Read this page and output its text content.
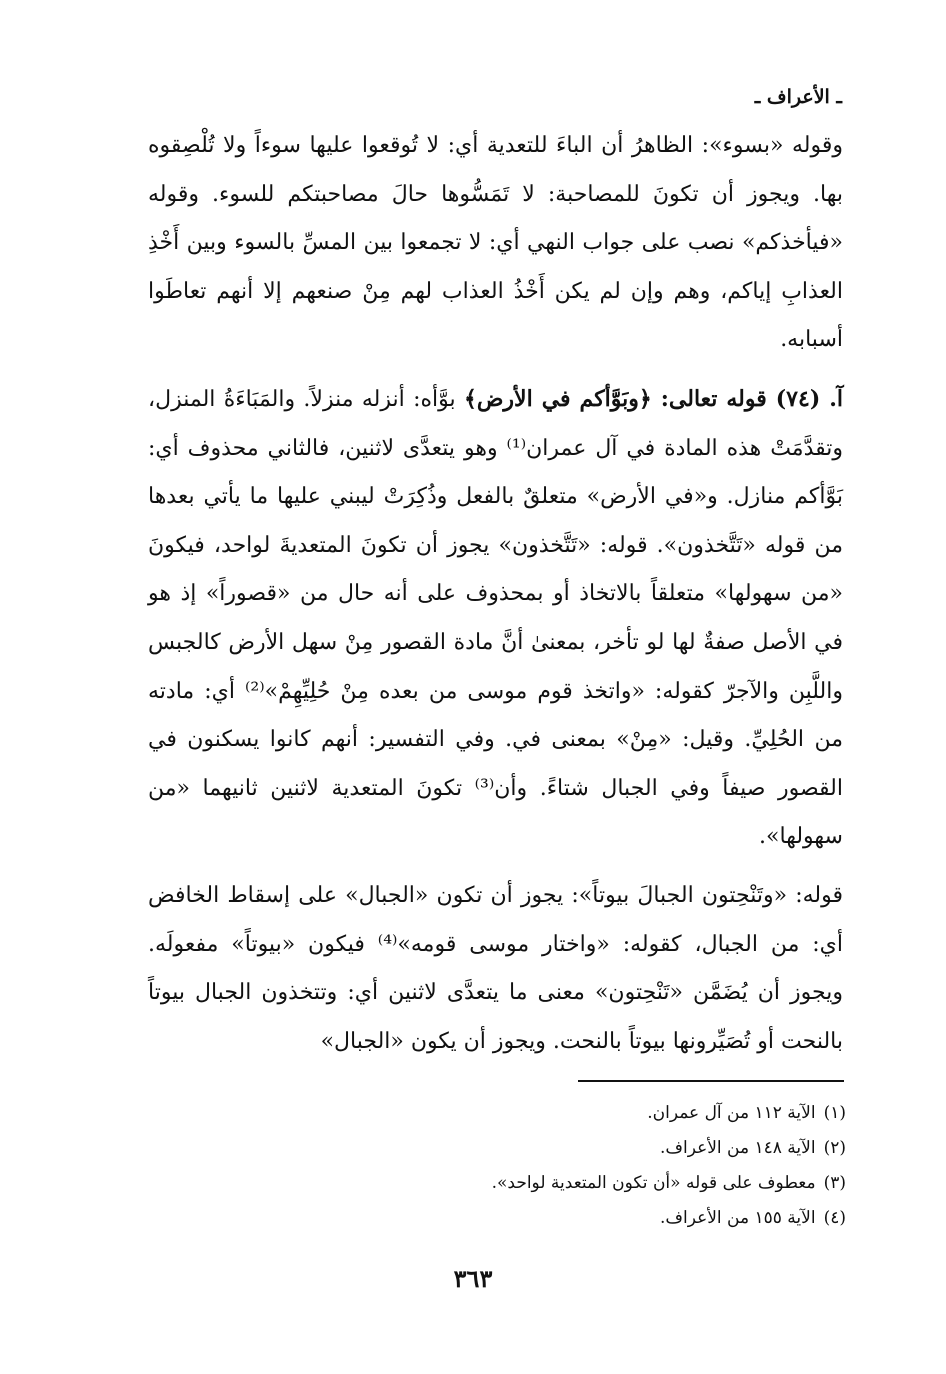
ـ الأعراف ـ

وقوله «بسوء»: الظاهرُ أن الباءَ للتعدية أي: لا تُوقعوا عليها سوءاً ولا تُلْصِقوه بها. ويجوز أن تكونَ للمصاحبة: لا تَمَسُّوها حالَ مصاحبتكم للسوء. وقوله «فيأخذكم» نصب على جواب النهي أي: لا تجمعوا بين المسِّ بالسوء وبين أَخْذِ العذابِ إياكم، وهم وإن لم يكن أَخْذُ العذاب لهم مِنْ صنعهم إلا أنهم تعاطَوا أسبابه.

آ. (٧٤) قوله تعالى: ﴿وبَوَّأكم في الأرض﴾ بوَّأه: أنزله منزلاً. والمَبَاءَةُ المنزل، وتقدَّمَتْ هذه المادة في آل عمران⁽¹⁾ وهو يتعدَّى لاثنين، فالثاني محذوف أي: بَوَّأكم منازل. و«في الأرض» متعلقٌ بالفعل وذُكِرَتْ ليبني عليها ما يأتي بعدها من قوله «تَتَّخذون». قوله: «تَتَّخذون» يجوز أن تكونَ المتعديةَ لواحد، فيكونَ «من سهولها» متعلقاً بالاتخاذ أو بمحذوف على أنه حال من «قصوراً» إذ هو في الأصل صفةٌ لها لو تأخر، بمعنىٰ أنَّ مادة القصور مِنْ سهل الأرض كالجبس واللَّبِن والآجرّ كقوله: «واتخذ قوم موسى من بعده مِنْ حُلِيِّهِمْ»⁽²⁾ أي: مادته من الحُلِيِّ. وقيل: «مِنْ» بمعنى في. وفي التفسير: أنهم كانوا يسكنون في القصور صيفاً وفي الجبال شتاءً. وأن⁽³⁾ تكونَ المتعدية لاثنين ثانيهما «من سهولها».

قوله: «وتَنْحِتون الجبالَ بيوتاً»: يجوز أن تكون «الجبال» على إسقاط الخافض أي: من الجبال، كقوله: «واختار موسى قومه»⁽⁴⁾ فيكون «بيوتاً» مفعولَه. ويجوز أن يُضَمَّن «تَنْحِتون» معنى ما يتعدَّى لاثنين أي: وتتخذون الجبال بيوتاً بالنحت أو تُصَيِّرونها بيوتاً بالنحت. ويجوز أن يكون «الجبال»

(١)الآية ١١٢ من آل عمران.

(٢)الآية ١٤٨ من الأعراف.

(٣)معطوف على قوله «أن تكون المتعدية لواحد».

(٤)الآية ١٥٥ من الأعراف.

٣٦٣
